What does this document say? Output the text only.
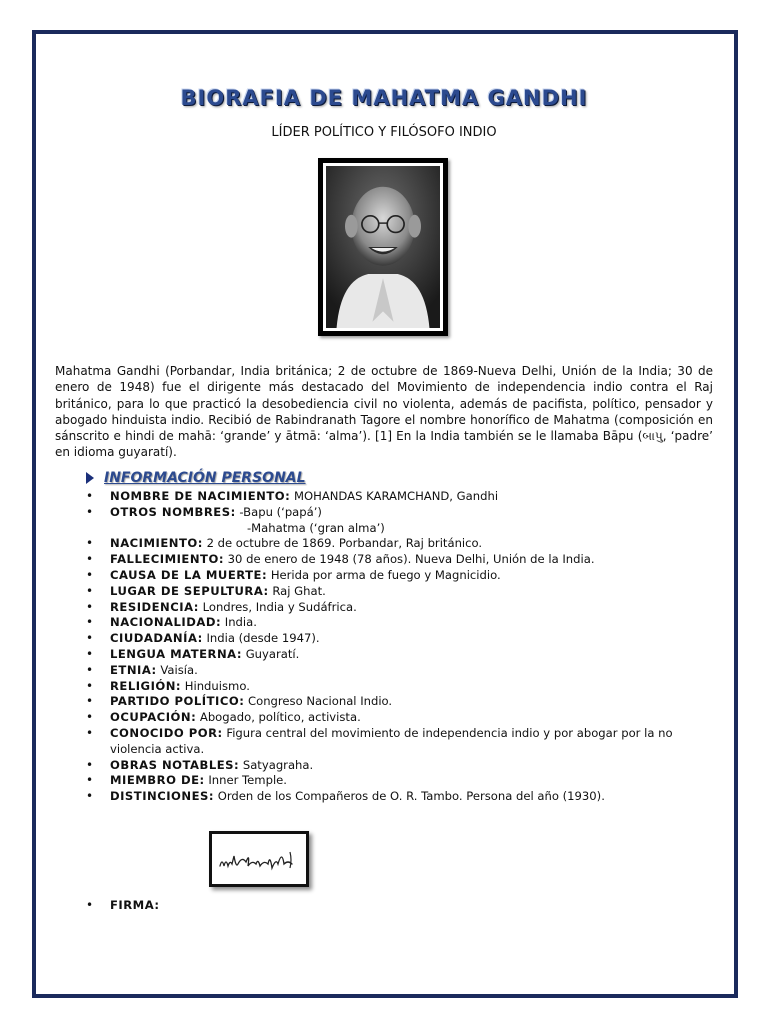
BIORAFIA DE MAHATMA GANDHI
LÍDER POLÍTICO Y FILÓSOFO INDIO
Mahatma Gandhi (Porbandar, India británica; 2 de octubre de 1869-Nueva Delhi, Unión de la India; 30 de enero de 1948) fue el dirigente más destacado del Movimiento de independencia indio contra el Raj británico, para lo que practicó la desobediencia civil no violenta, además de pacifista, político, pensador y abogado hinduista indio. Recibió de Rabindranath Tagore el nombre honorífico de Mahatma (composición en sánscrito e hindi de mahā: ‘grande’ y ātmā: ‘alma’). [1] En la India también se le llamaba Bāpu (બાપુ, ‘padre’ en idioma guyaratí).
INFORMACIÓN PERSONAL
• NOMBRE DE NACIMIENTO: MOHANDAS KARAMCHAND, Gandhi
• OTROS NOMBRES: -Bapu (‘papá’)
-Mahatma (‘gran alma’)
• NACIMIENTO: 2 de octubre de 1869. Porbandar, Raj británico.
• FALLECIMIENTO: 30 de enero de 1948 (78 años). Nueva Delhi, Unión de la India.
• CAUSA DE LA MUERTE: Herida por arma de fuego y Magnicidio.
• LUGAR DE SEPULTURA: Raj Ghat.
• RESIDENCIA: Londres, India y Sudáfrica.
• NACIONALIDAD: India.
• CIUDADANÍA: India (desde 1947).
• LENGUA MATERNA: Guyaratí.
• ETNIA: Vaisía.
• RELIGIÓN: Hinduismo.
• PARTIDO POLÍTICO: Congreso Nacional Indio.
• OCUPACIÓN: Abogado, político, activista.
• CONOCIDO POR: Figura central del movimiento de independencia indio y por abogar por la no violencia activa.
• OBRAS NOTABLES: Satyagraha.
• MIEMBRO DE: Inner Temple.
• DISTINCIONES: Orden de los Compañeros de O. R. Tambo. Persona del año (1930).
• FIRMA:
